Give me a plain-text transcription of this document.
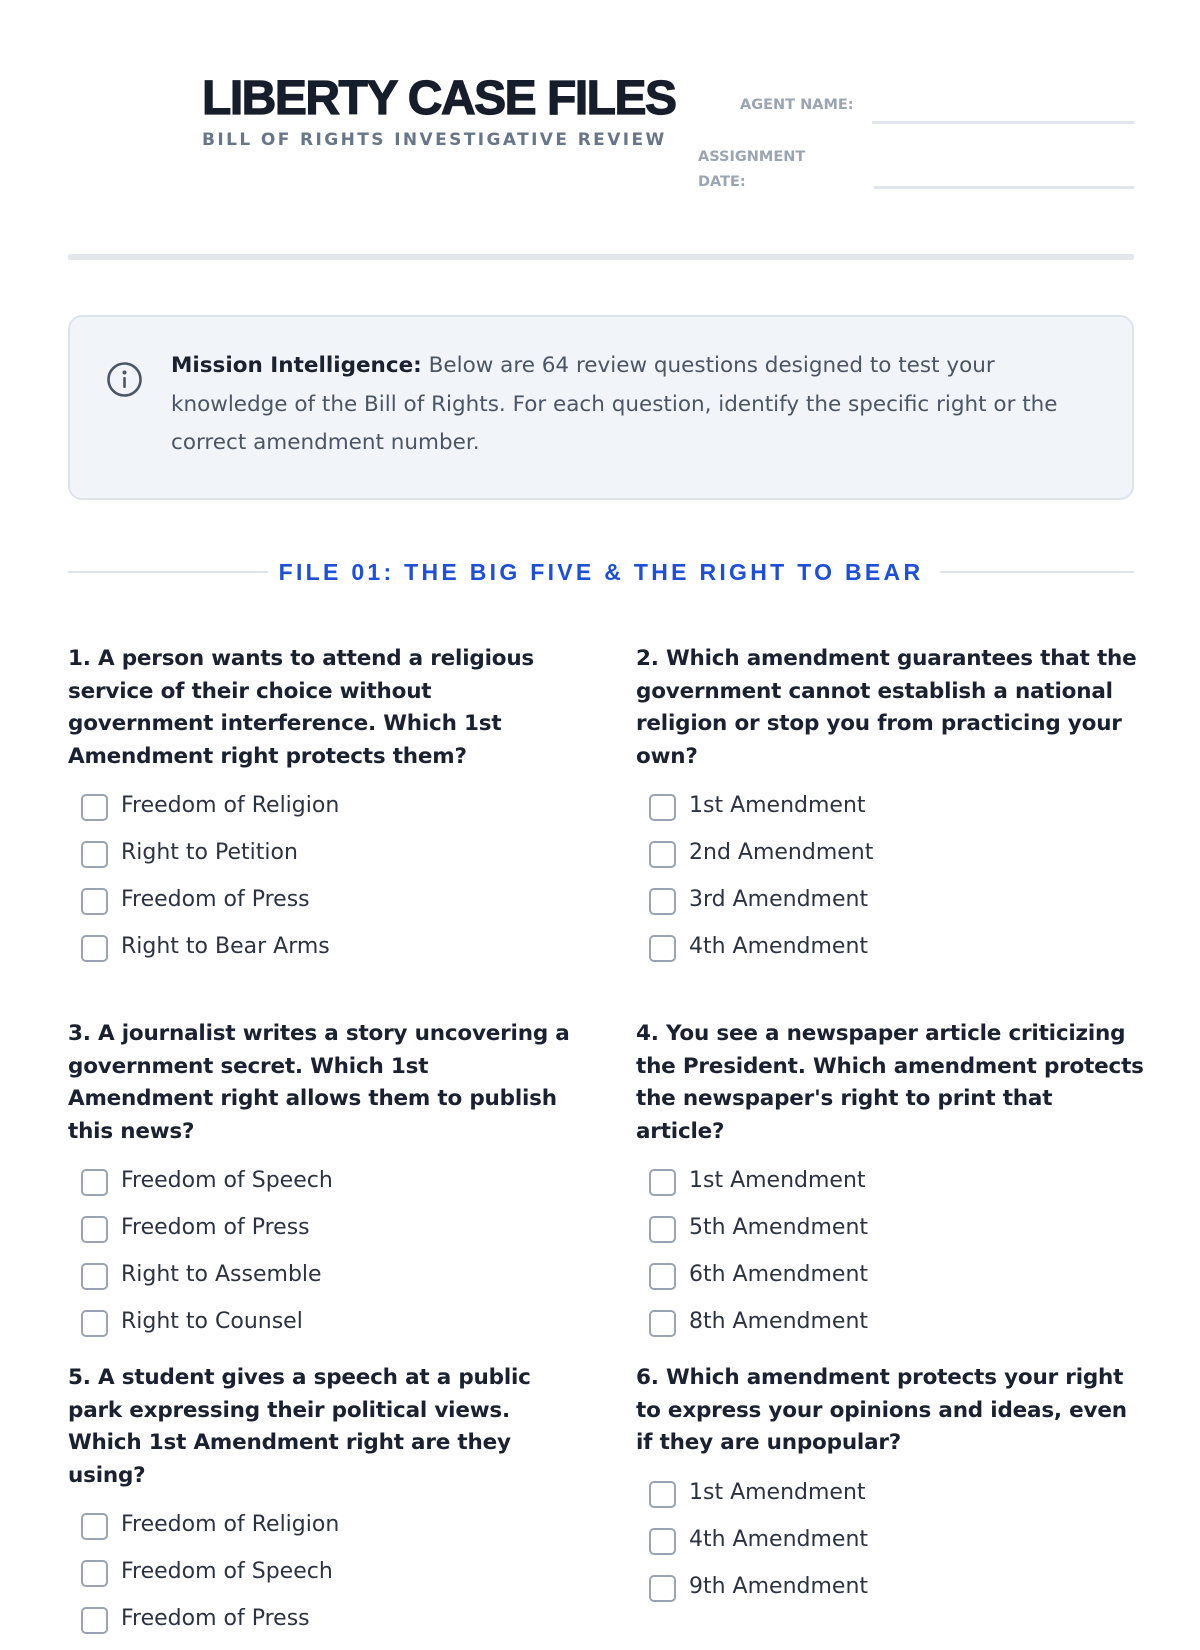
LIBERTY CASE FILES
BILL OF RIGHTS INVESTIGATIVE REVIEW
AGENT NAME:
ASSIGNMENT DATE:
Mission Intelligence: Below are 64 review questions designed to test your knowledge of the Bill of Rights. For each question, identify the specific right or the correct amendment number.
FILE 01: THE BIG FIVE & THE RIGHT TO BEAR
1. A person wants to attend a religious service of their choice without government interference. Which 1st Amendment right protects them?
Freedom of Religion
Right to Petition
Freedom of Press
Right to Bear Arms
2. Which amendment guarantees that the government cannot establish a national religion or stop you from practicing your own?
1st Amendment
2nd Amendment
3rd Amendment
4th Amendment
3. A journalist writes a story uncovering a government secret. Which 1st Amendment right allows them to publish this news?
Freedom of Speech
Freedom of Press
Right to Assemble
Right to Counsel
4. You see a newspaper article criticizing the President. Which amendment protects the newspaper's right to print that article?
1st Amendment
5th Amendment
6th Amendment
8th Amendment
5. A student gives a speech at a public park expressing their political views. Which 1st Amendment right are they using?
Freedom of Religion
Freedom of Speech
Freedom of Press
6. Which amendment protects your right to express your opinions and ideas, even if they are unpopular?
1st Amendment
4th Amendment
9th Amendment
